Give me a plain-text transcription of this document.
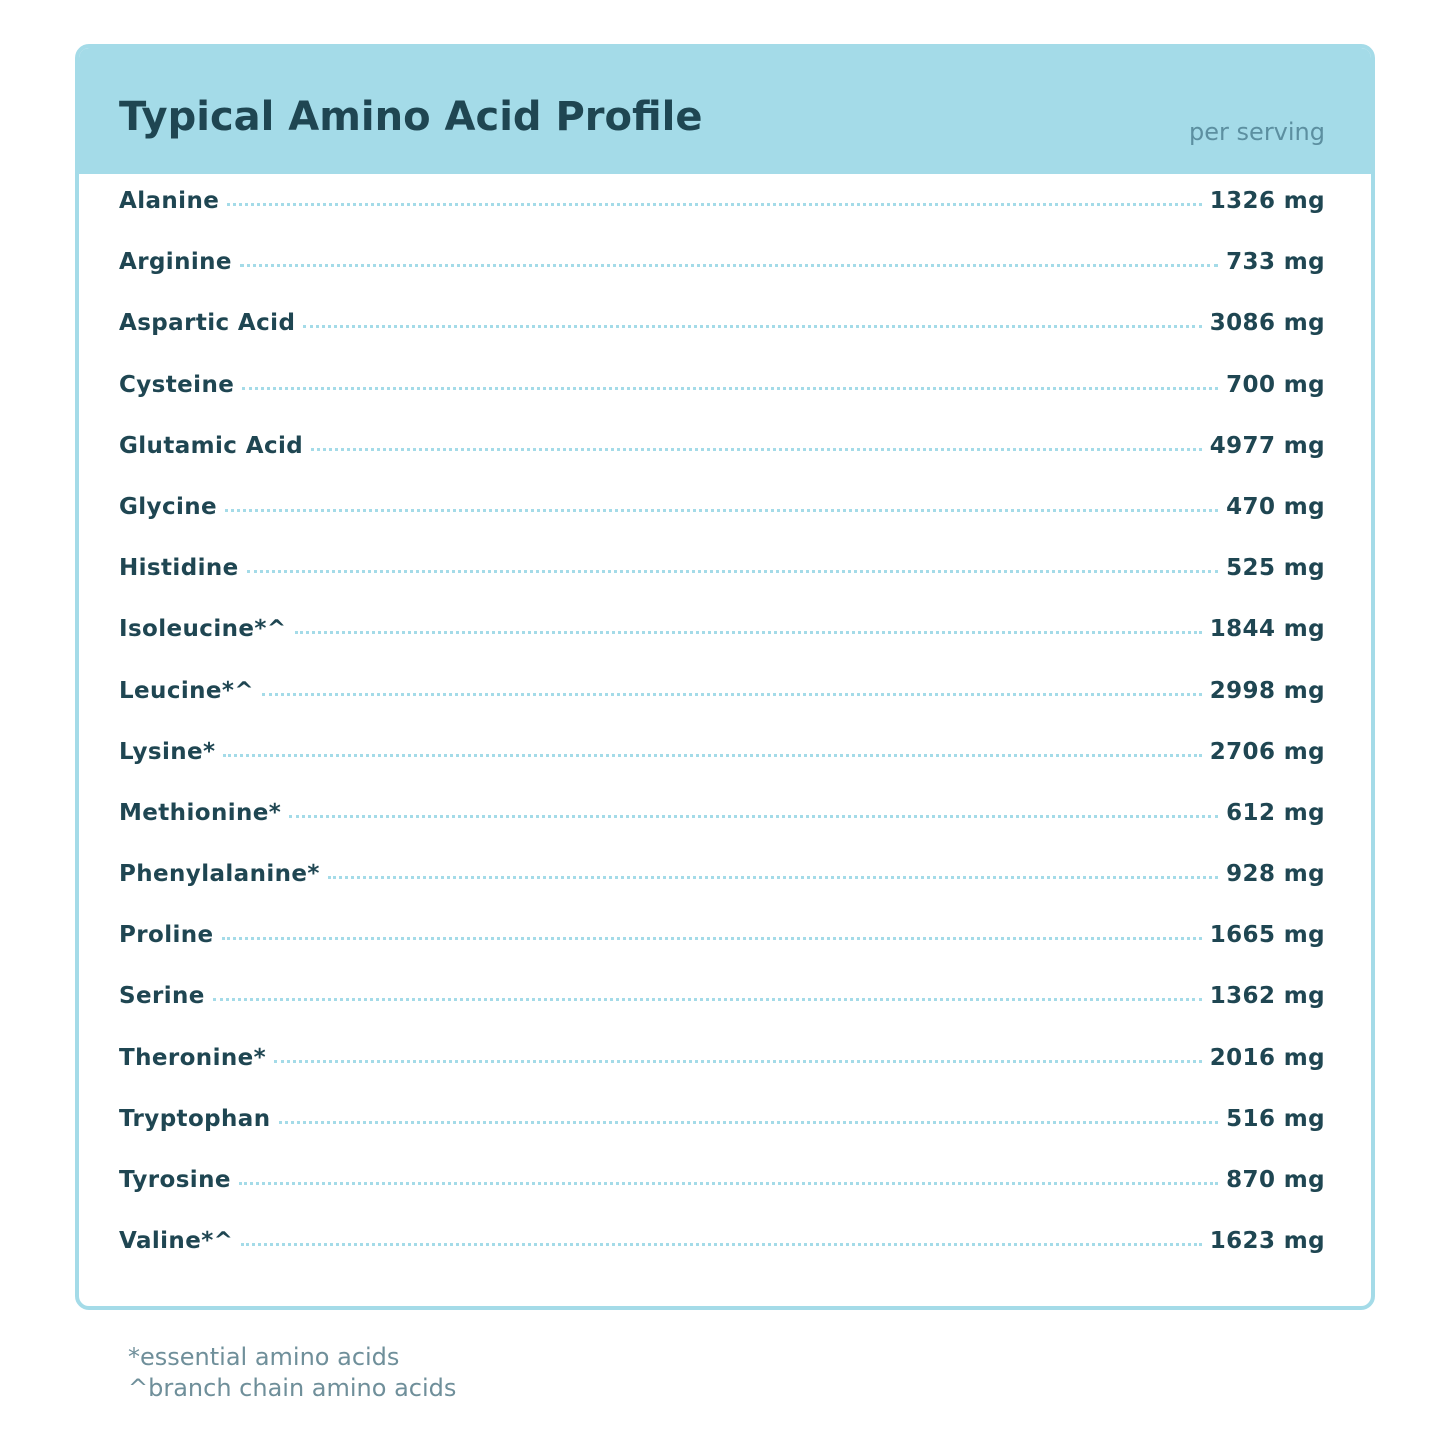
Typical Amino Acid Profile	per serving
Alanine	1326 mg
Arginine	733 mg
Aspartic Acid	3086 mg
Cysteine	700 mg
Glutamic Acid	4977 mg
Glycine	470 mg
Histidine	525 mg
Isoleucine*^	1844 mg
Leucine*^	2998 mg
Lysine*	2706 mg
Methionine*	612 mg
Phenylalanine*	928 mg
Proline	1665 mg
Serine	1362 mg
Theronine*	2016 mg
Tryptophan	516 mg
Tyrosine	870 mg
Valine*^	1623 mg
*essential amino acids
^branch chain amino acids
